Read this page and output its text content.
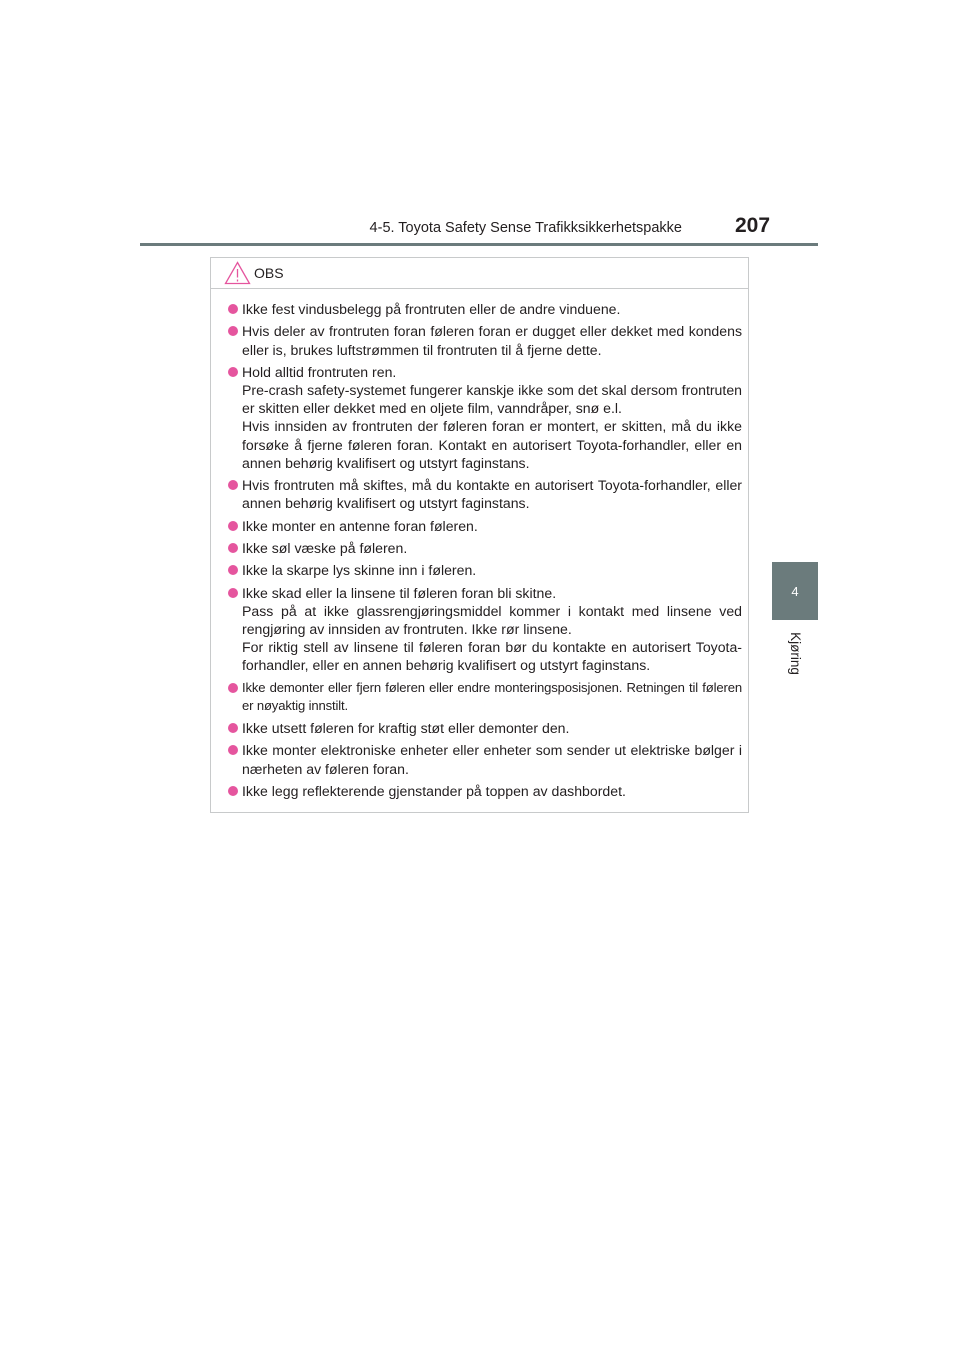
4-5. Toyota Safety Sense Trafikksikkerhetspakke	207
4
Kjøring
OBS
Ikke fest vindusbelegg på frontruten eller de andre vinduene.
Hvis deler av frontruten foran føleren foran er dugget eller dekket med kondens eller is, brukes luftstrømmen til frontruten til å fjerne dette.
Hold alltid frontruten ren.
Pre-crash safety-systemet fungerer kanskje ikke som det skal dersom frontruten er skitten eller dekket med en oljete film, vanndråper, snø e.l.
Hvis innsiden av frontruten der føleren foran er montert, er skitten, må du ikke forsøke å fjerne føleren foran. Kontakt en autorisert Toyota-forhandler, eller en annen behørig kvalifisert og utstyrt faginstans.
Hvis frontruten må skiftes, må du kontakte en autorisert Toyota-forhandler, eller annen behørig kvalifisert og utstyrt faginstans.
Ikke monter en antenne foran føleren.
Ikke søl væske på føleren.
Ikke la skarpe lys skinne inn i føleren.
Ikke skad eller la linsene til føleren foran bli skitne.
Pass på at ikke glassrengjøringsmiddel kommer i kontakt med linsene ved rengjøring av innsiden av frontruten. Ikke rør linsene.
For riktig stell av linsene til føleren foran bør du kontakte en autorisert Toyota-forhandler, eller en annen behørig kvalifisert og utstyrt faginstans.
Ikke demonter eller fjern føleren eller endre monteringsposisjonen. Retningen til føleren er nøyaktig innstilt.
Ikke utsett føleren for kraftig støt eller demonter den.
Ikke monter elektroniske enheter eller enheter som sender ut elektriske bølger i nærheten av føleren foran.
Ikke legg reflekterende gjenstander på toppen av dashbordet.
